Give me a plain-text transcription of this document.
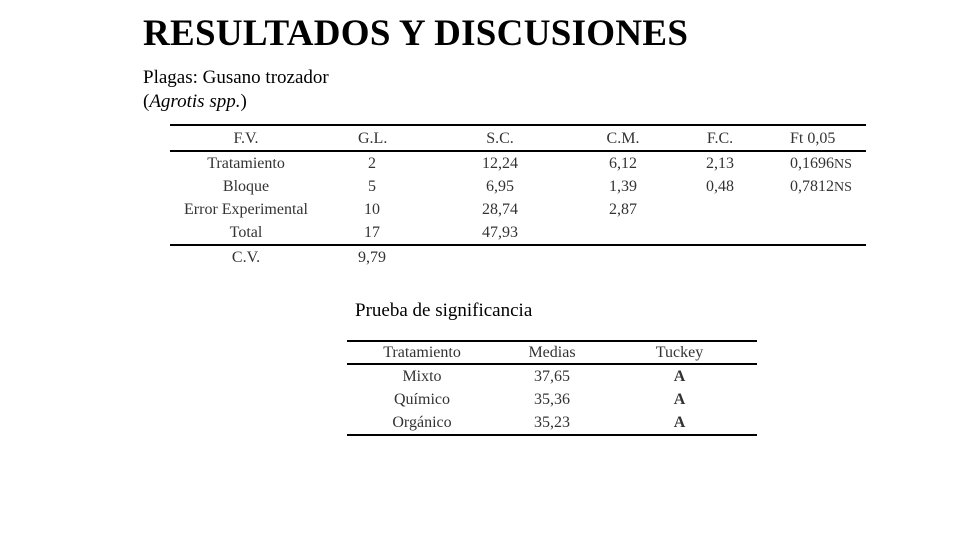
RESULTADOS Y DISCUSIONES
Plagas: Gusano trozador
(Agrotis spp.)
F.V.	G.L.	S.C.	C.M.	F.C.	Ft 0,05
Tratamiento	2	12,24	6,12	2,13	0,1696NS
Bloque	5	6,95	1,39	0,48	0,7812NS
Error Experimental	10	28,74	2,87
Total	17	47,93
C.V.	9,79
Prueba de significancia
Tratamiento	Medias	Tuckey
Mixto	37,65	A
Químico	35,36	A
Orgánico	35,23	A
